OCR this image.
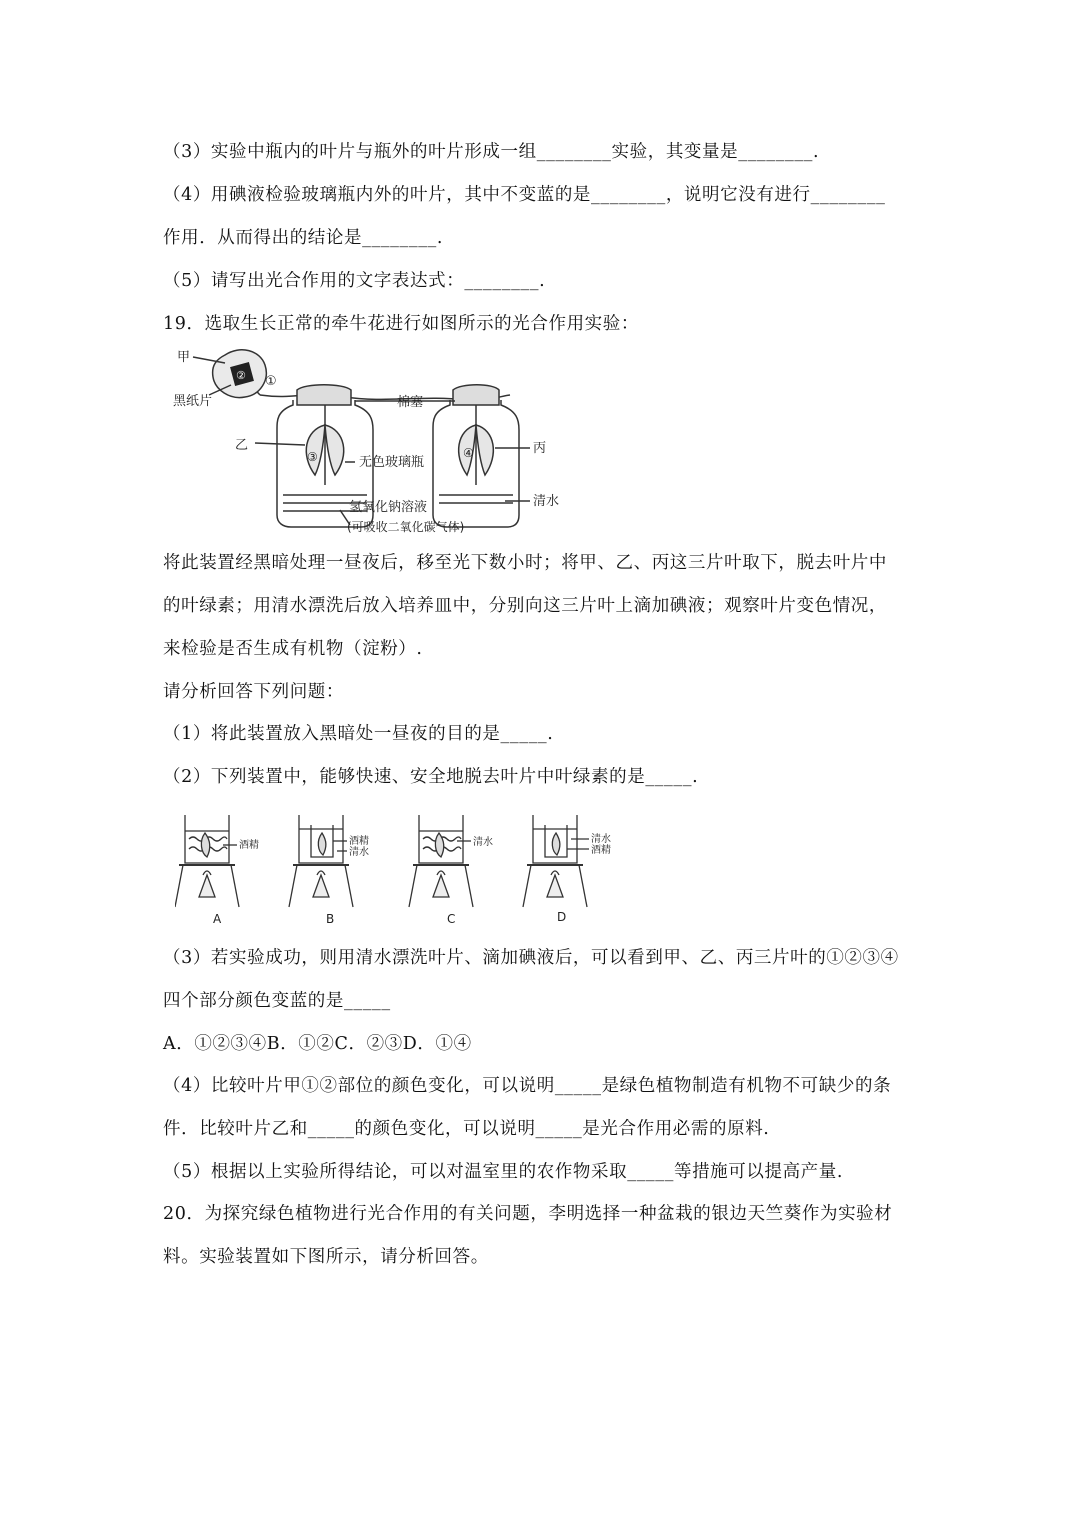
（3）实验中瓶内的叶片与瓶外的叶片形成一组________实验，其变量是________.
（4）用碘液检验玻璃瓶内外的叶片，其中不变蓝的是________，说明它没有进行________
作用．从而得出的结论是________.
（5）请写出光合作用的文字表达式：________.
19．选取生长正常的牵牛花进行如图所示的光合作用实验：
甲
黑纸片
①
②
③
乙	④
棉塞
无色玻璃瓶
丙
清水
氢氧化钠溶液
(可吸收二氧化碳气体)
将此装置经黑暗处理一昼夜后，移至光下数小时；将甲、乙、丙这三片叶取下，脱去叶片中
的叶绿素；用清水漂洗后放入培养皿中，分别向这三片叶上滴加碘液；观察叶片变色情况，
来检验是否生成有机物（淀粉）.
请分析回答下列问题：
（1）将此装置放入黑暗处一昼夜的目的是_____.
（2）下列装置中，能够快速、安全地脱去叶片中叶绿素的是_____.
酒精
A
酒精
清水
B
清水
C
清水
酒精
D
（3）若实验成功，则用清水漂洗叶片、滴加碘液后，可以看到甲、乙、丙三片叶的①②③④
四个部分颜色变蓝的是_____
A．①②③④B．①②C．②③D．①④
（4）比较叶片甲①②部位的颜色变化，可以说明_____是绿色植物制造有机物不可缺少的条
件．比较叶片乙和_____的颜色变化，可以说明_____是光合作用必需的原料.
（5）根据以上实验所得结论，可以对温室里的农作物采取_____等措施可以提高产量.
20．为探究绿色植物进行光合作用的有关问题，李明选择一种盆栽的银边天竺葵作为实验材
料。实验装置如下图所示，请分析回答。
